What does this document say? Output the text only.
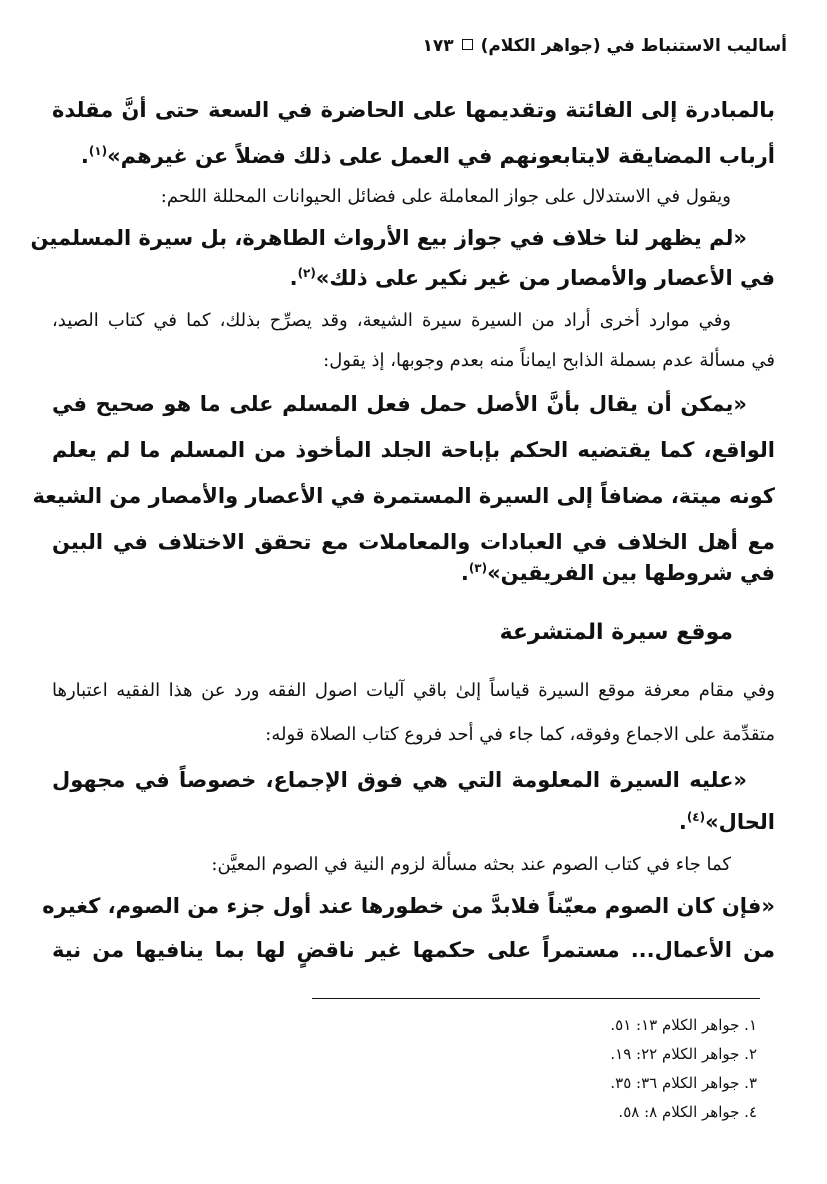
أساليب الاستنباط في (جواهر الكلام)١٧٣
بالمبادرة إلى الفائتة وتقديمها على الحاضرة في السعة حتى أنَّ مقلدة
أرباب المضايقة لايتابعونهم في العمل على ذلك فضلاً عن غيرهم»$^{(١)}$.
ويقول في الاستدلال على جواز المعاملة على فضائل الحيوانات المحللة اللحم:
«لم يظهر لنا خلاف في جواز بيع الأرواث الطاهرة، بل سيرة المسلمين
في الأعصار والأمصار من غير نكير على ذلك»$^{(٢)}$.
وفي موارد أخرى أراد من السيرة سيرة الشيعة، وقد يصرِّح بذلك، كما في كتاب الصيد،
في مسألة عدم بسملة الذابح ايماناً منه بعدم وجوبها، إذ يقول:
«يمكن أن يقال بأنَّ الأصل حمل فعل المسلم على ما هو صحيح في
الواقع، كما يقتضيه الحكم بإباحة الجلد المأخوذ من المسلم ما لم يعلم
كونه ميتة، مضافاً إلى السيرة المستمرة في الأعصار والأمصار من الشيعة
مع أهل الخلاف في العبادات والمعاملات مع تحقق الاختلاف في البين
في شروطها بين الفريقين»$^{(٣)}$.
موقع سيرة المتشرعة
وفي مقام معرفة موقع السيرة قياساً إلىٰ باقي آليات اصول الفقه ورد عن هذا الفقيه اعتبارها
متقدِّمة على الاجماع وفوقه، كما جاء في أحد فروع كتاب الصلاة قوله:
«عليه السيرة المعلومة التي هي فوق الإجماع، خصوصاً في مجهول
الحال»$^{(٤)}$.
كما جاء في كتاب الصوم عند بحثه مسألة لزوم النية في الصوم المعيَّن:
«فإن كان الصوم معيّناً فلابدَّ من خطورها عند أول جزء من الصوم، كغيره
من الأعمال... مستمراً على حكمها غير ناقضٍ لها بما ينافيها من نية
١. جواهر الكلام ١٣: ٥١.
٢. جواهر الكلام ٢٢: ١٩.
٣. جواهر الكلام ٣٦: ٣٥.
٤. جواهر الكلام ٨: ٥٨.
